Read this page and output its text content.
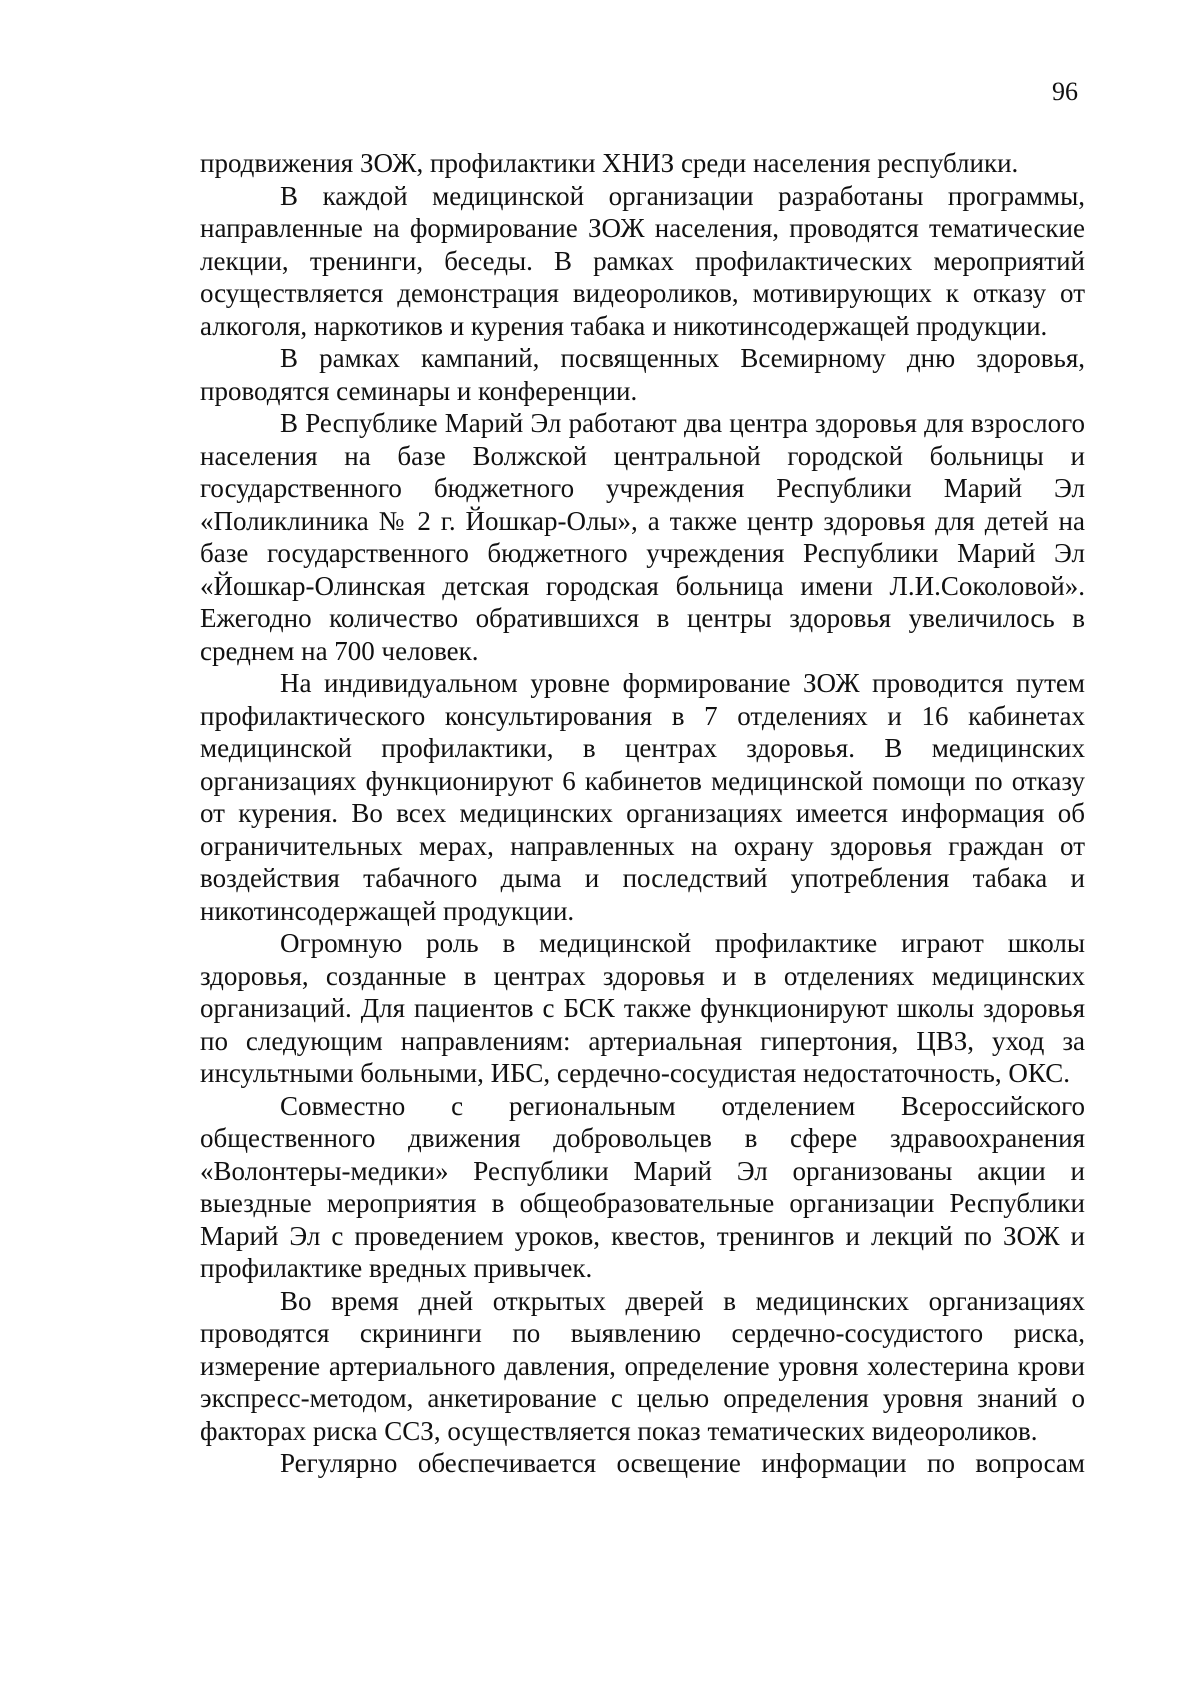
96

продвижения ЗОЖ, профилактики ХНИЗ среди населения республики.

В каждой медицинской организации разработаны программы, направленные на формирование ЗОЖ населения, проводятся тематические лекции, тренинги, беседы. В рамках профилактических мероприятий осуществляется демонстрация видеороликов, мотивирующих к отказу от алкоголя, наркотиков и курения табака и никотинсодержащей продукции.

В рамках кампаний, посвященных Всемирному дню здоровья, проводятся семинары и конференции.

В Республике Марий Эл работают два центра здоровья для взрослого населения на базе Волжской центральной городской больницы и государственного бюджетного учреждения Республики Марий Эл «Поликлиника № 2 г. Йошкар-Олы», а также центр здоровья для детей на базе государственного бюджетного учреждения Республики Марий Эл «Йошкар-Олинская детская городская больница имени Л.И.Соколовой». Ежегодно количество обратившихся в центры здоровья увеличилось в среднем на 700 человек.

На индивидуальном уровне формирование ЗОЖ проводится путем профилактического консультирования в 7 отделениях и 16 кабинетах медицинской профилактики, в центрах здоровья. В медицинских организациях функционируют 6 кабинетов медицинской помощи по отказу от курения. Во всех медицинских организациях имеется информация об ограничительных мерах, направленных на охрану здоровья граждан от воздействия табачного дыма и последствий употребления табака и никотинсодержащей продукции.

Огромную роль в медицинской профилактике играют школы здоровья, созданные в центрах здоровья и в отделениях медицинских организаций. Для пациентов с БСК также функционируют школы здоровья по следующим направлениям: артериальная гипертония, ЦВЗ, уход за инсультными больными, ИБС, сердечно-сосудистая недостаточность, ОКС.

Совместно с региональным отделением Всероссийского общественного движения добровольцев в сфере здравоохранения «Волонтеры-медики» Республики Марий Эл организованы акции и выездные мероприятия в общеобразовательные организации Республики Марий Эл с проведением уроков, квестов, тренингов и лекций по ЗОЖ и профилактике вредных привычек.

Во время дней открытых дверей в медицинских организациях проводятся скрининги по выявлению сердечно-сосудистого риска, измерение артериального давления, определение уровня холестерина крови экспресс-методом, анкетирование с целью определения уровня знаний о факторах риска ССЗ, осуществляется показ тематических видеороликов.

Регулярно обеспечивается освещение информации по вопросам
